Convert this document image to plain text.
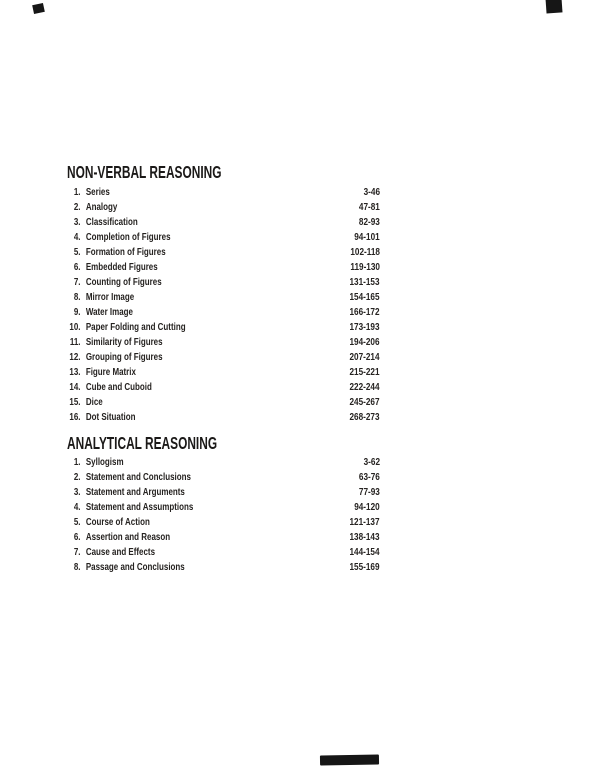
NON-VERBAL REASONING
1. Series	3-46
2. Analogy	47-81
3. Classification	82-93
4. Completion of Figures	94-101
5. Formation of Figures	102-118
6. Embedded Figures	119-130
7. Counting of Figures	131-153
8. Mirror Image	154-165
9. Water Image	166-172
10. Paper Folding and Cutting	173-193
11. Similarity of Figures	194-206
12. Grouping of Figures	207-214
13. Figure Matrix	215-221
14. Cube and Cuboid	222-244
15. Dice	245-267
16. Dot Situation	268-273
ANALYTICAL REASONING
1. Syllogism	3-62
2. Statement and Conclusions	63-76
3. Statement and Arguments	77-93
4. Statement and Assumptions	94-120
5. Course of Action	121-137
6. Assertion and Reason	138-143
7. Cause and Effects	144-154
8. Passage and Conclusions	155-169
